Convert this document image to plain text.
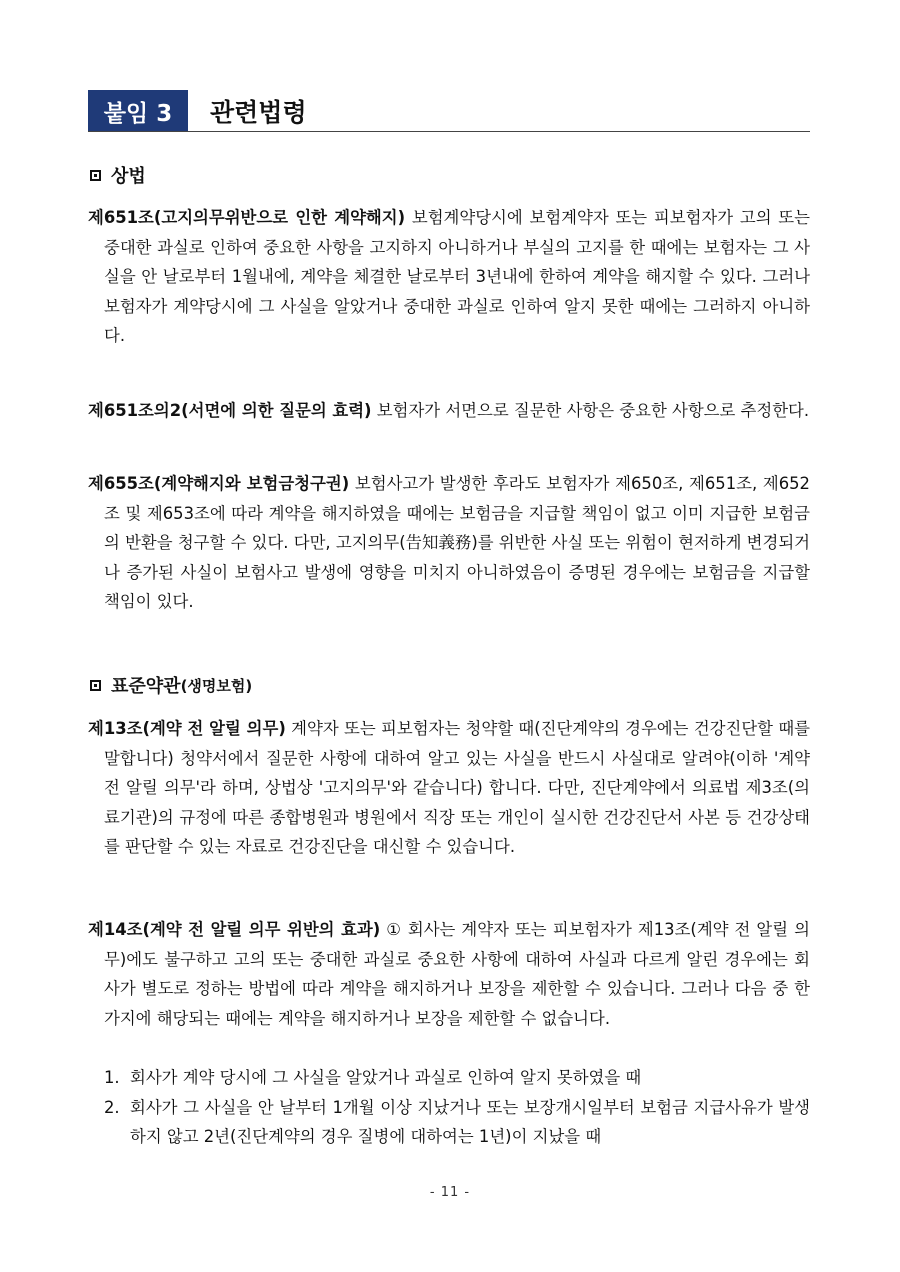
붙임 3	관련법령
상법
제651조(고지의무위반으로 인한 계약해지) 보험계약당시에 보험계약자 또는 피보험자가 고의 또는 중대한 과실로 인하여 중요한 사항을 고지하지 아니하거나 부실의 고지를 한 때에는 보험자는 그 사실을 안 날로부터 1월내에, 계약을 체결한 날로부터 3년내에 한하여 계약을 해지할 수 있다. 그러나 보험자가 계약당시에 그 사실을 알았거나 중대한 과실로 인하여 알지 못한 때에는 그러하지 아니하다.
제651조의2(서면에 의한 질문의 효력) 보험자가 서면으로 질문한 사항은 중요한 사항으로 추정한다.
제655조(계약해지와 보험금청구권) 보험사고가 발생한 후라도 보험자가 제650조, 제651조, 제652조 및 제653조에 따라 계약을 해지하였을 때에는 보험금을 지급할 책임이 없고 이미 지급한 보험금의 반환을 청구할 수 있다. 다만, 고지의무(告知義務)를 위반한 사실 또는 위험이 현저하게 변경되거나 증가된 사실이 보험사고 발생에 영향을 미치지 아니하였음이 증명된 경우에는 보험금을 지급할 책임이 있다.
표준약관 (생명보험)
제13조(계약 전 알릴 의무) 계약자 또는 피보험자는 청약할 때(진단계약의 경우에는 건강진단할 때를 말합니다) 청약서에서 질문한 사항에 대하여 알고 있는 사실을 반드시 사실대로 알려야(이하 '계약 전 알릴 의무'라 하며, 상법상 '고지의무'와 같습니다) 합니다. 다만, 진단계약에서 의료법 제3조(의료기관)의 규정에 따른 종합병원과 병원에서 직장 또는 개인이 실시한 건강진단서 사본 등 건강상태를 판단할 수 있는 자료로 건강진단을 대신할 수 있습니다.
제14조(계약 전 알릴 의무 위반의 효과) ① 회사는 계약자 또는 피보험자가 제13조(계약 전 알릴 의무)에도 불구하고 고의 또는 중대한 과실로 중요한 사항에 대하여 사실과 다르게 알린 경우에는 회사가 별도로 정하는 방법에 따라 계약을 해지하거나 보장을 제한할 수 있습니다. 그러나 다음 중 한 가지에 해당되는 때에는 계약을 해지하거나 보장을 제한할 수 없습니다.
1. 회사가 계약 당시에 그 사실을 알았거나 과실로 인하여 알지 못하였을 때
2. 회사가 그 사실을 안 날부터 1개월 이상 지났거나 또는 보장개시일부터 보험금 지급사유가 발생하지 않고 2년(진단계약의 경우 질병에 대하여는 1년)이 지났을 때
- 11 -
